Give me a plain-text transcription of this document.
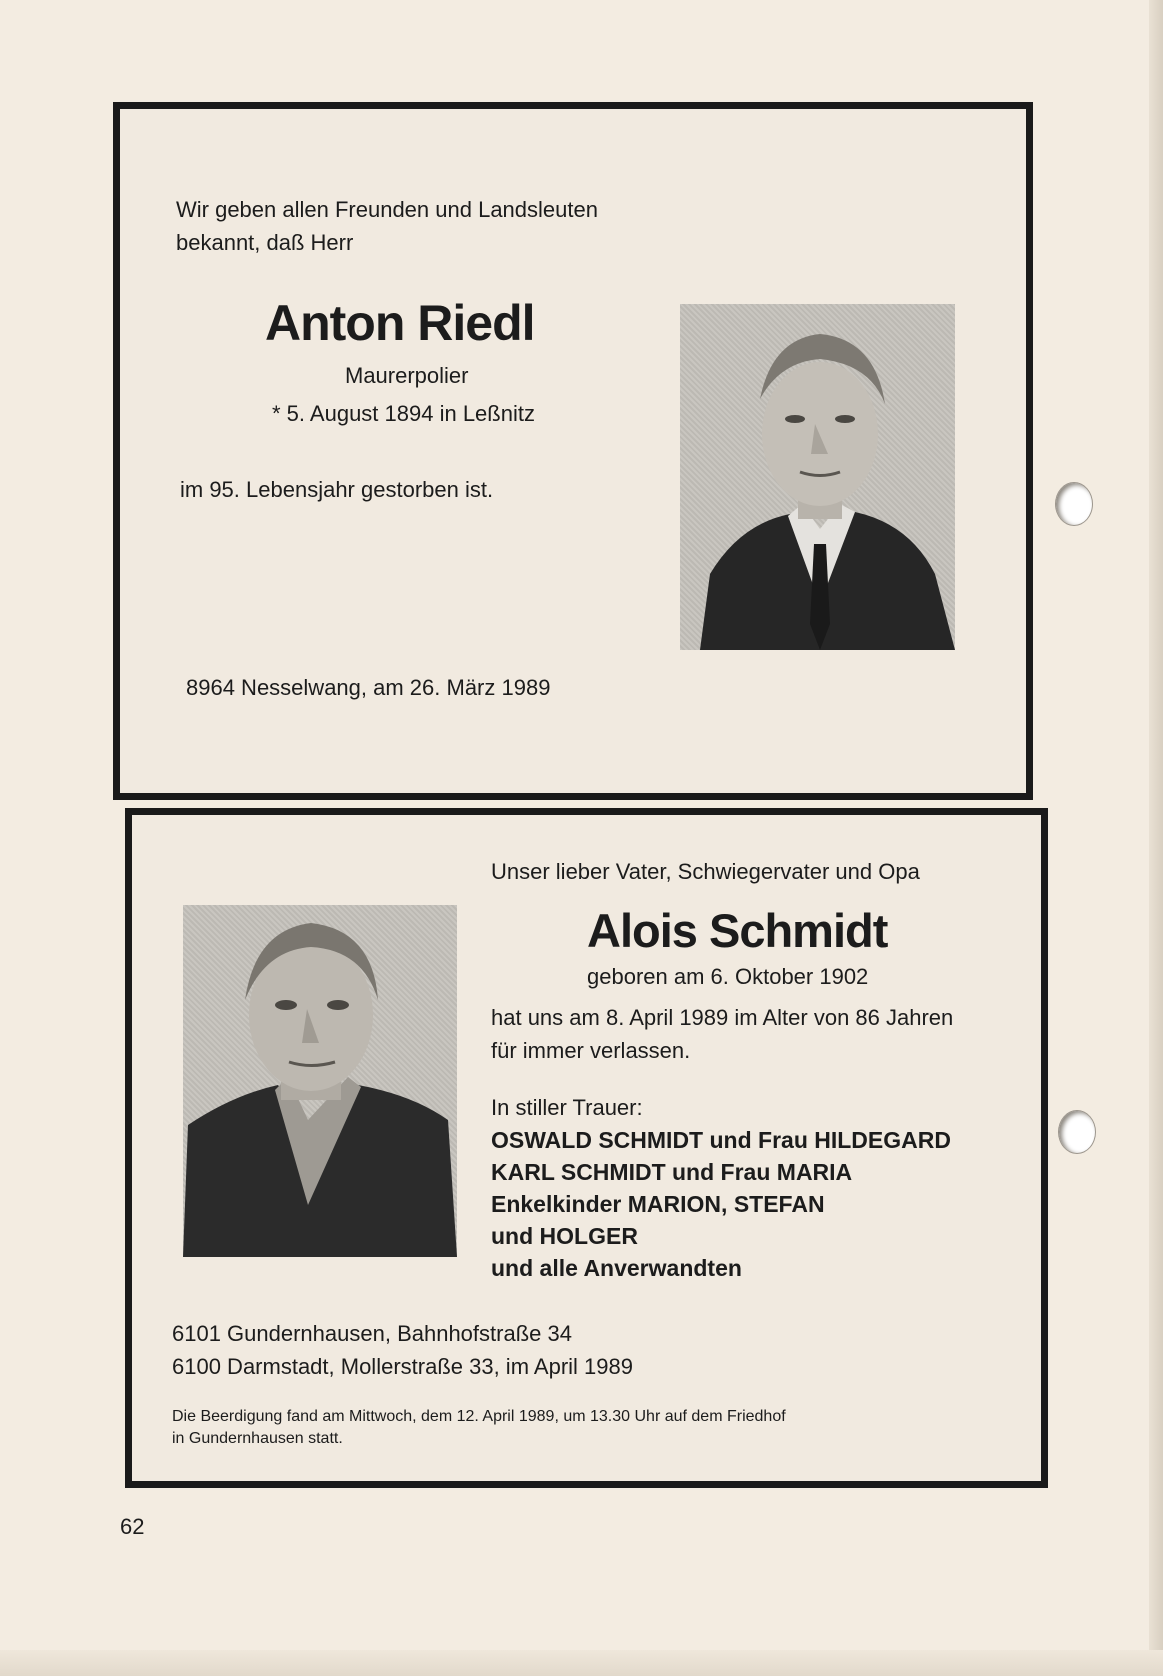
Wir geben allen Freunden und Landsleuten
bekannt, daß Herr
Anton Riedl
Maurerpolier
* 5. August 1894 in Leßnitz
im 95. Lebensjahr gestorben ist.
8964 Nesselwang, am 26. März 1989
Unser lieber Vater, Schwiegervater und Opa
Alois Schmidt
geboren am 6. Oktober 1902
hat uns am 8. April 1989 im Alter von 86 Jahren
für immer verlassen.
In stiller Trauer:
OSWALD SCHMIDT und Frau HILDEGARD
KARL SCHMIDT und Frau MARIA
Enkelkinder MARION, STEFAN
und HOLGER
und alle Anverwandten
6101 Gundernhausen, Bahnhofstraße 34
6100 Darmstadt, Mollerstraße 33, im April 1989
Die Beerdigung fand am Mittwoch, dem 12. April 1989, um 13.30 Uhr auf dem Friedhof
in Gundernhausen statt.
62
